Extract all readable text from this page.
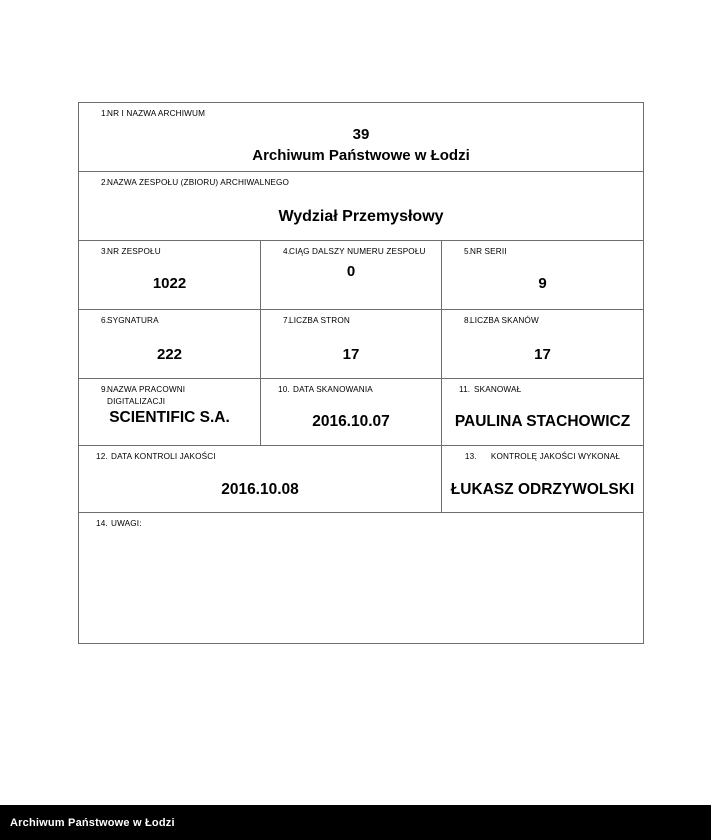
1.
NR I NAZWA ARCHIWUM
39
Archiwum Państwowe w Łodzi		

2.
NAZWA ZESPOŁU (ZBIORU) ARCHIWALNEGO
Wydział Przemysłowy		

3.
NR ZESPOŁU
1022

4.
CIĄG DALSZY NUMERU ZESPOŁU
0

5.
NR SERII
9

6.
SYGNATURA
222

7.
LICZBA STRON
17

8.
LICZBA SKANÓW
17

9.
NAZWA PRACOWNI DIGITALIZACJI
SCIENTIFIC S.A.

10. DATA SKANOWANIA
2016.10.07

11. SKANOWAŁ
PAULINA STACHOWICZ

12. DATA KONTROLI JAKOŚCI
2016.10.08

13.	KONTROLĘ JAKOŚCI WYKONAŁ
ŁUKASZ ODRZYWOLSKI

14. UWAGI:		
Archiwum Państwowe w Łodzi
